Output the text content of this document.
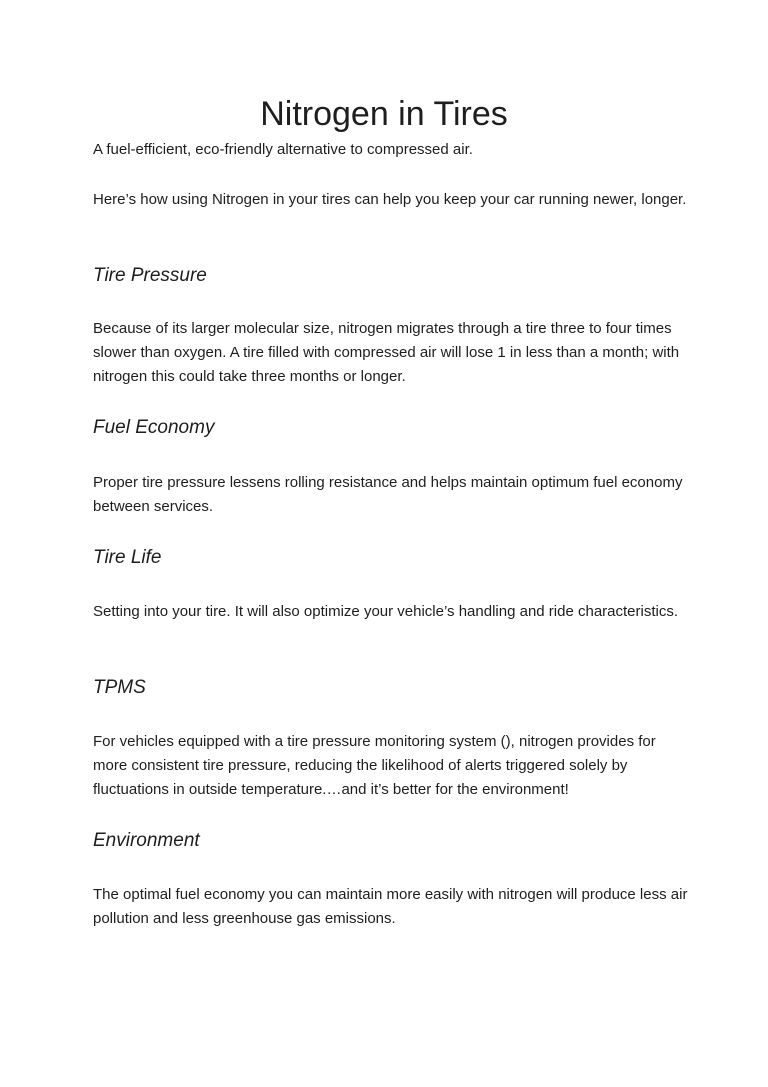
Nitrogen in Tires

A fuel-efficient, eco-friendly alternative to compressed air.

Here’s how using Nitrogen in your tires can help you keep your car running newer, longer.

Tire Pressure

Because of its larger molecular size, nitrogen migrates through a tire three to four times slower than oxygen. A tire filled with compressed air will lose 1 in less than a month; with nitrogen this could take three months or longer.

Fuel Economy

Proper tire pressure lessens rolling resistance and helps maintain optimum fuel economy between services.

Tire Life

Setting into your tire. It will also optimize your vehicle’s handling and ride characteristics.

TPMS

For vehicles equipped with a tire pressure monitoring system (), nitrogen provides for more consistent tire pressure, reducing the likelihood of alerts triggered solely by fluctuations in outside temperature.…and it’s better for the environment!

Environment

The optimal fuel economy you can maintain more easily with nitrogen will produce less air pollution and less greenhouse gas emissions.
